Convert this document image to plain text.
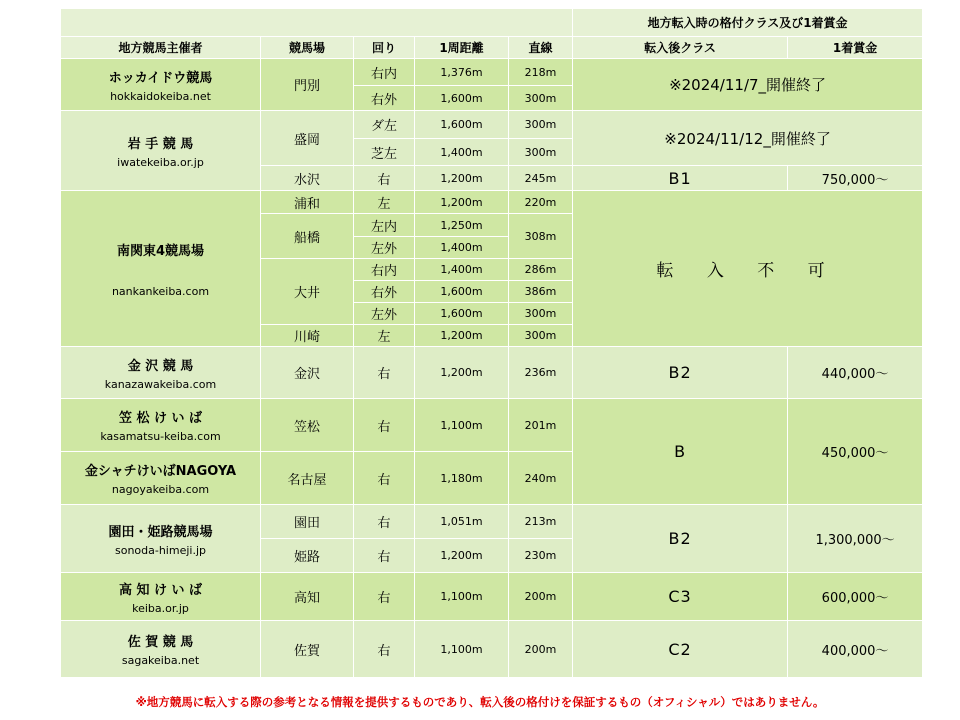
					地方転入時の格付クラス及び1着賞金	
地方競馬主催者	競馬場	回り	1周距離	直線	転入後クラス	1着賞金

ホッカイドウ競馬
hokkaidokeiba.net	門別	右内	1,376m	218m	※2024/11/7_開催終了	
		右外	1,600m	300m		

岩 手 競 馬
iwatekeiba.or.jp	盛岡	ダ左	1,600m	300m	※2024/11/12_開催終了	
		芝左	1,400m	300m		
	水沢	右	1,200m	245m	B1	750,000～

南関東4競馬場
nankankeiba.com	浦和	左	1,200m	220m	転 入 不 可	
	船橋	左内	1,250m	308m		
		左外	1,400m			
	大井	右内	1,400m	286m		
		右外	1,600m	386m		
		左外	1,600m	300m		
	川崎	左	1,200m	300m		

金 沢 競 馬
kanazawakeiba.com	金沢	右	1,200m	236m	B2	440,000～

笠 松 け い ば
kasamatsu-keiba.com	笠松	右	1,100m	201m	B	450,000～

金シャチけいばNAGOYA
nagoyakeiba.com	名古屋	右	1,180m	240m		

園田・姫路競馬場
sonoda-himeji.jp	園田	右	1,051m	213m	B2	1,300,000～
	姫路	右	1,200m	230m		

高 知 け い ば
keiba.or.jp	高知	右	1,100m	200m	C3	600,000～

佐 賀 競 馬
sagakeiba.net	佐賀	右	1,100m	200m	C2	400,000～
※地方競馬に転入する際の参考となる情報を提供するものであり、転入後の格付けを保証するもの（オフィシャル）ではありません。
